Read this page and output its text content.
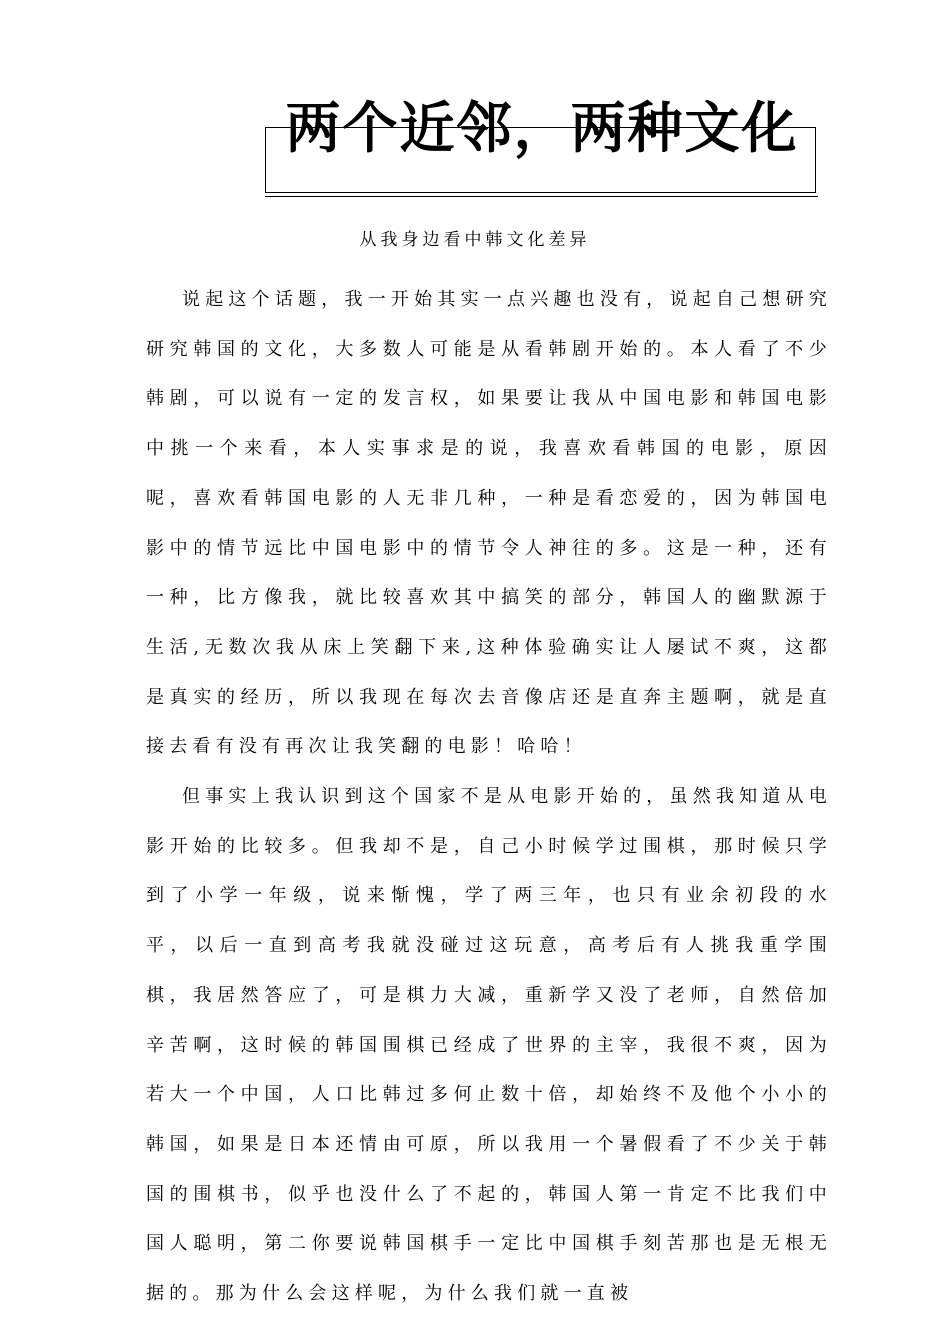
两个近邻，两种文化
从我身边看中韩文化差异

说起这个话题，我一开始其实一点兴趣也没有，说起自己想研究研究韩国的文化，大多数人可能是从看韩剧开始的。本人看了不少韩剧，可以说有一定的发言权，如果要让我从中国电影和韩国电影中挑一个来看，本人实事求是的说，我喜欢看韩国的电影，原因呢，喜欢看韩国电影的人无非几种，一种是看恋爱的，因为韩国电影中的情节远比中国电影中的情节令人神往的多。这是一种，还有一种，比方像我，就比较喜欢其中搞笑的部分，韩国人的幽默源于生活,无数次我从床上笑翻下来,这种体验确实让人屡试不爽，这都是真实的经历，所以我现在每次去音像店还是直奔主题啊，就是直接去看有没有再次让我笑翻的电影！哈哈！

但事实上我认识到这个国家不是从电影开始的，虽然我知道从电影开始的比较多。但我却不是，自己小时候学过围棋，那时候只学到了小学一年级，说来惭愧，学了两三年，也只有业余初段的水平，以后一直到高考我就没碰过这玩意，高考后有人挑我重学围棋，我居然答应了，可是棋力大减，重新学又没了老师，自然倍加辛苦啊，这时候的韩国围棋已经成了世界的主宰，我很不爽，因为若大一个中国，人口比韩过多何止数十倍，却始终不及他个小小的韩国，如果是日本还情由可原，所以我用一个暑假看了不少关于韩国的围棋书，似乎也没什么了不起的，韩国人第一肯定不比我们中国人聪明，第二你要说韩国棋手一定比中国棋手刻苦那也是无根无据的。那为什么会这样呢，为什么我们就一直被
